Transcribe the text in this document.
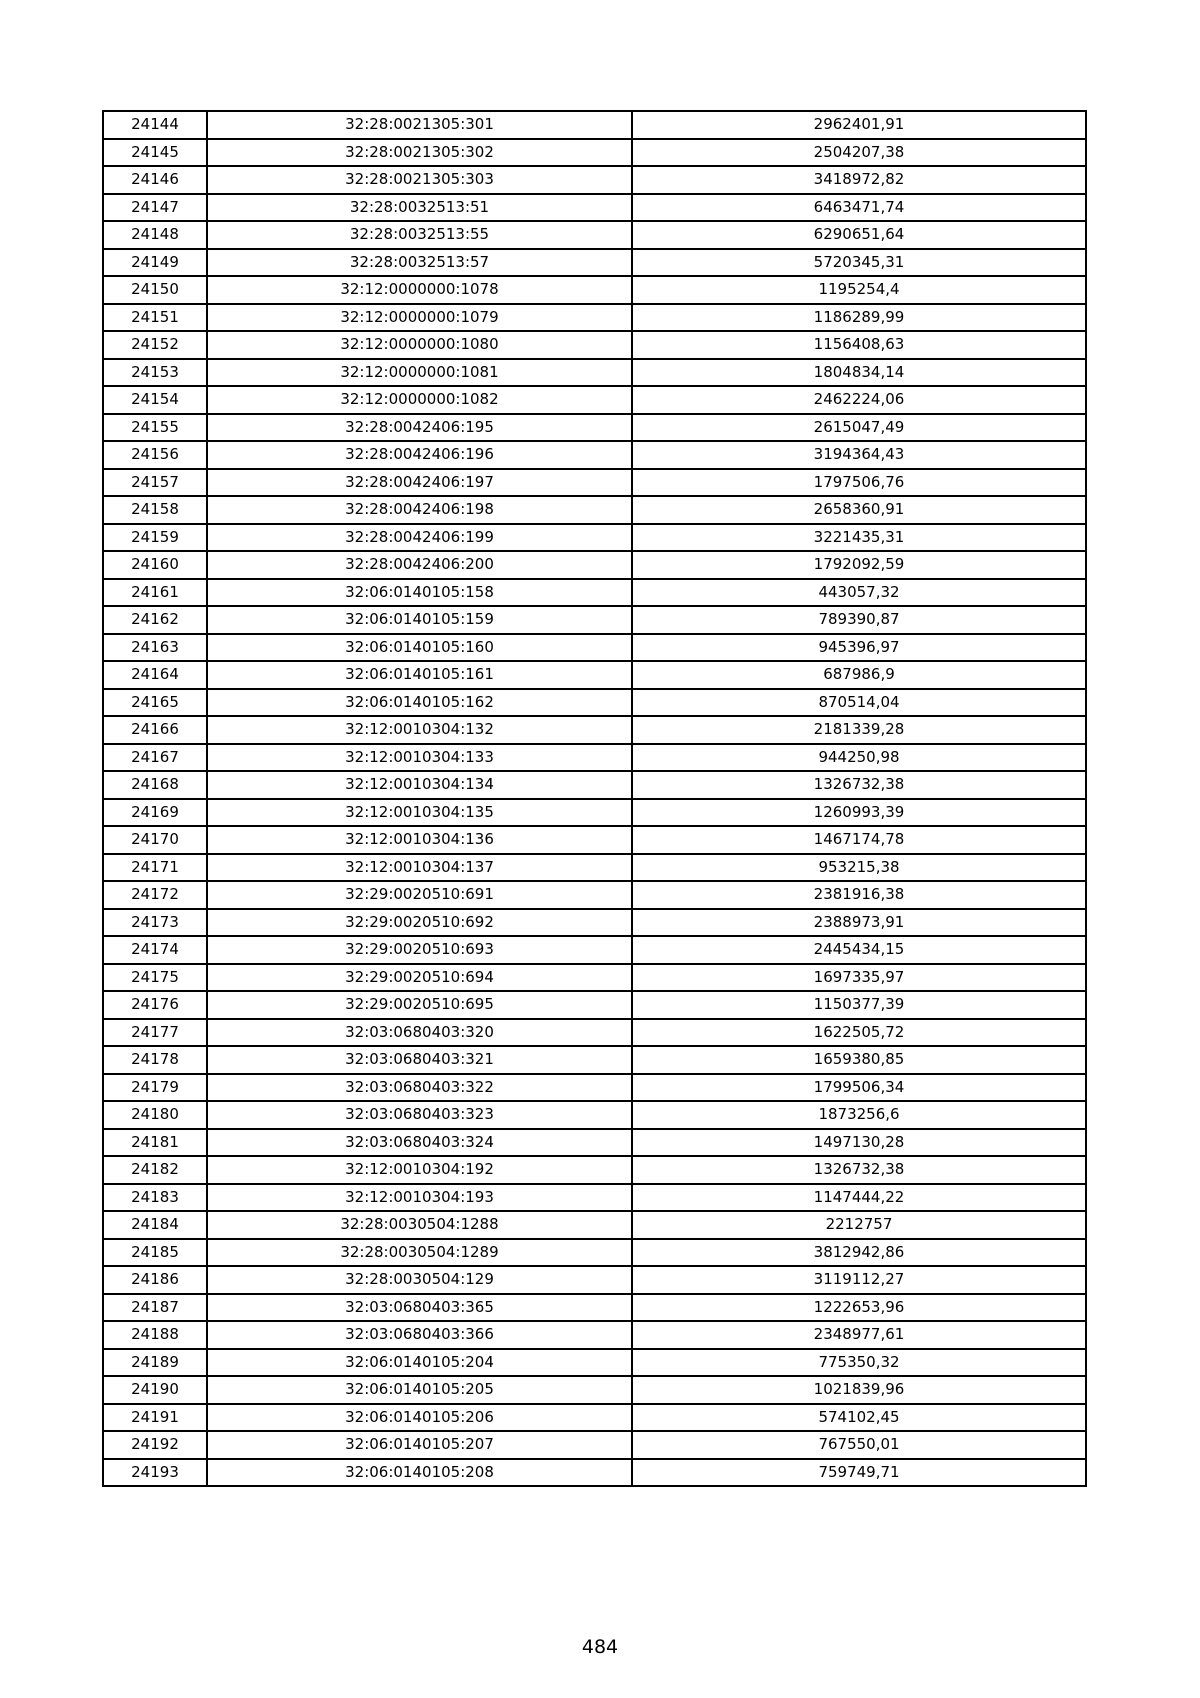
24144	32:28:0021305:301	2962401,91
24145	32:28:0021305:302	2504207,38
24146	32:28:0021305:303	3418972,82
24147	32:28:0032513:51	6463471,74
24148	32:28:0032513:55	6290651,64
24149	32:28:0032513:57	5720345,31
24150	32:12:0000000:1078	1195254,4
24151	32:12:0000000:1079	1186289,99
24152	32:12:0000000:1080	1156408,63
24153	32:12:0000000:1081	1804834,14
24154	32:12:0000000:1082	2462224,06
24155	32:28:0042406:195	2615047,49
24156	32:28:0042406:196	3194364,43
24157	32:28:0042406:197	1797506,76
24158	32:28:0042406:198	2658360,91
24159	32:28:0042406:199	3221435,31
24160	32:28:0042406:200	1792092,59
24161	32:06:0140105:158	443057,32
24162	32:06:0140105:159	789390,87
24163	32:06:0140105:160	945396,97
24164	32:06:0140105:161	687986,9
24165	32:06:0140105:162	870514,04
24166	32:12:0010304:132	2181339,28
24167	32:12:0010304:133	944250,98
24168	32:12:0010304:134	1326732,38
24169	32:12:0010304:135	1260993,39
24170	32:12:0010304:136	1467174,78
24171	32:12:0010304:137	953215,38
24172	32:29:0020510:691	2381916,38
24173	32:29:0020510:692	2388973,91
24174	32:29:0020510:693	2445434,15
24175	32:29:0020510:694	1697335,97
24176	32:29:0020510:695	1150377,39
24177	32:03:0680403:320	1622505,72
24178	32:03:0680403:321	1659380,85
24179	32:03:0680403:322	1799506,34
24180	32:03:0680403:323	1873256,6
24181	32:03:0680403:324	1497130,28
24182	32:12:0010304:192	1326732,38
24183	32:12:0010304:193	1147444,22
24184	32:28:0030504:1288	2212757
24185	32:28:0030504:1289	3812942,86
24186	32:28:0030504:129	3119112,27
24187	32:03:0680403:365	1222653,96
24188	32:03:0680403:366	2348977,61
24189	32:06:0140105:204	775350,32
24190	32:06:0140105:205	1021839,96
24191	32:06:0140105:206	574102,45
24192	32:06:0140105:207	767550,01
24193	32:06:0140105:208	759749,71
484
